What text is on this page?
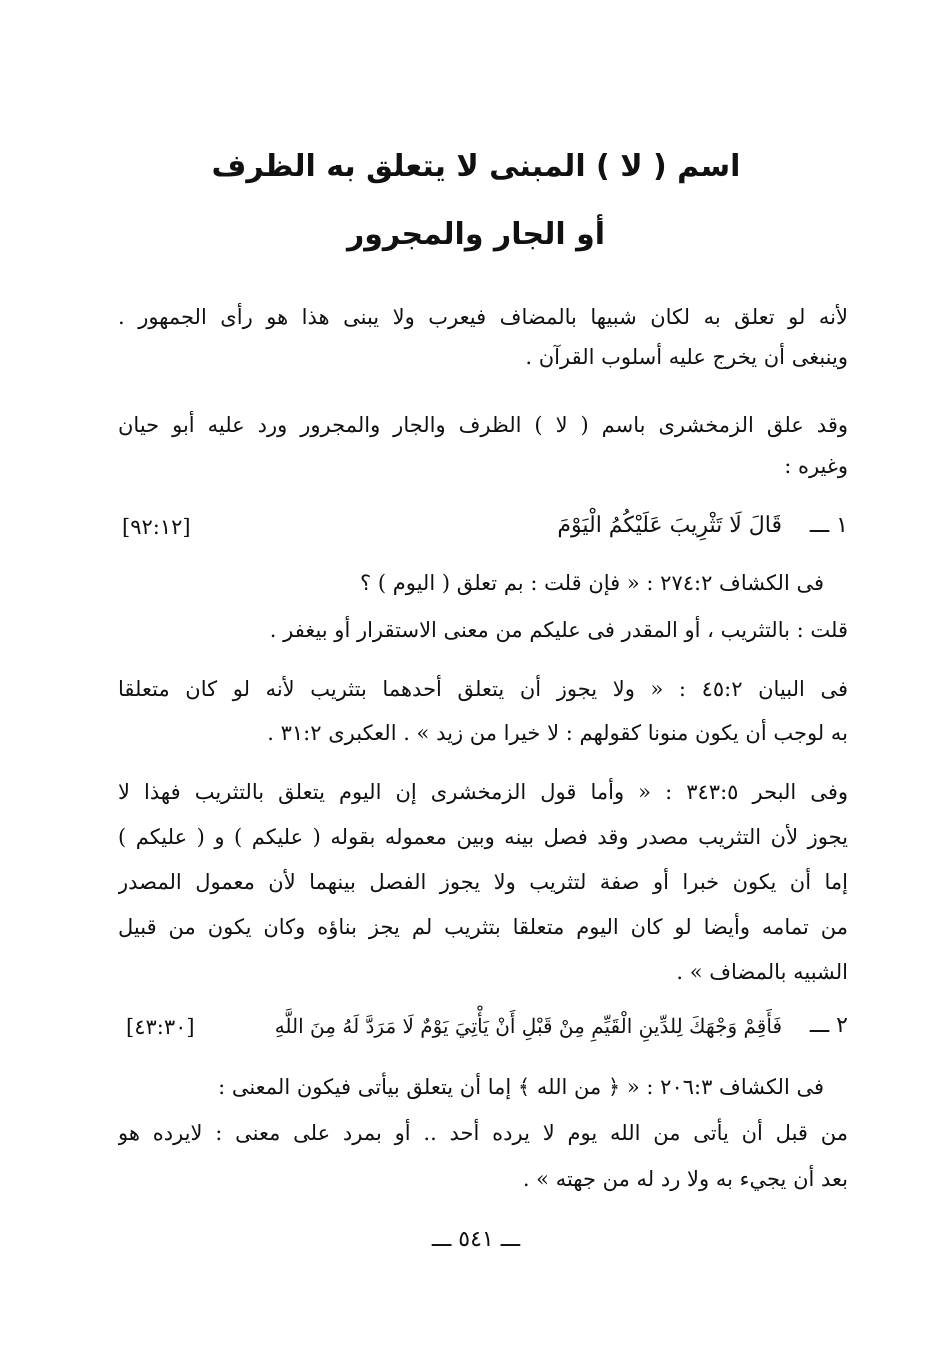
اسم ( لا ) المبنى لا يتعلق به الظرف
أو الجار والمجرور
لأنه لو تعلق به لكان شبيها بالمضاف فيعرب ولا يبنى هذا هو رأى الجمهور .
وينبغى أن يخرج عليه أسلوب القرآن .
وقد علق الزمخشرى باسم ( لا ) الظرف والجار والمجرور ورد عليه أبو حيان
وغيره :
١ ـــ
قَالَ لَا تَثْرِيبَ عَلَيْكُمُ الْيَوْمَ
[٩٢:١٢]
فى الكشاف ٢٧٤:٢ : « فإن قلت : بم تعلق ( اليوم ) ؟
قلت : بالتثريب ، أو المقدر فى عليكم من معنى الاستقرار أو بيغفر .
فى البيان ٤٥:٢ : « ولا يجوز أن يتعلق أحدهما بتثريب لأنه لو كان متعلقا
به لوجب أن يكون منونا كقولهم : لا خيرا من زيد » . العكبرى ٣١:٢ .
وفى البحر ٣٤٣:٥ : « وأما قول الزمخشرى إن اليوم يتعلق بالتثريب فهذا لا
يجوز لأن التثريب مصدر وقد فصل بينه وبين معموله بقوله ( عليكم ) و ( عليكم )
إما أن يكون خبرا أو صفة لتثريب ولا يجوز الفصل بينهما لأن معمول المصدر
من تمامه وأيضا لو كان اليوم متعلقا بتثريب لم يجز بناؤه وكان يكون من قبيل
الشبيه بالمضاف » .
٢ ـــ
فَأَقِمْ وَجْهَكَ لِلدِّينِ الْقَيِّمِ مِنْ قَبْلِ أَنْ يَأْتِيَ يَوْمٌ لَا مَرَدَّ لَهُ مِنَ اللَّهِ
[٤٣:٣٠]
فى الكشاف ٢٠٦:٣ : « ﴿ من الله ﴾ إما أن يتعلق بيأتى فيكون المعنى :
من قبل أن يأتى من الله يوم لا يرده أحد .. أو بمرد على معنى : لايرده هو
بعد أن يجيء به ولا رد له من جهته » .
ـــ ٥٤١ ـــ
